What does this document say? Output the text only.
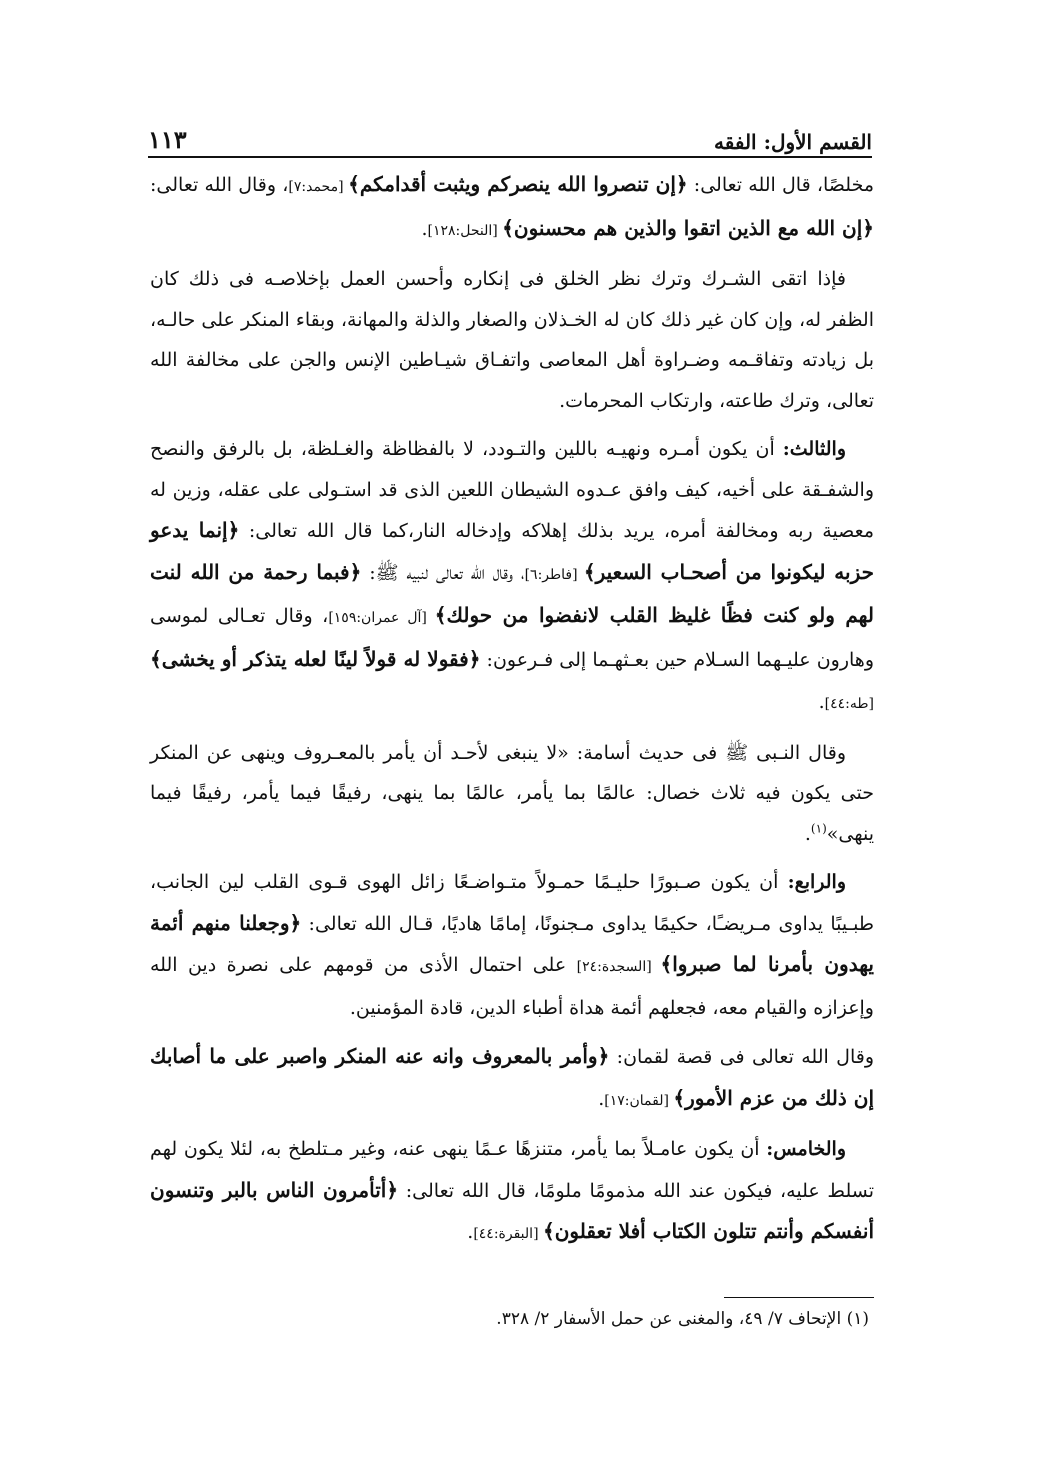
القسم الأول: الفقه
١١٣

مخلصًا، قال الله تعالى: ﴿إن تنصروا الله ينصركم ويثبت أقدامكم﴾ [محمد:٧]، وقال الله تعالى: ﴿إن الله مع الذين اتقوا والذين هم محسنون﴾ [النحل:١٢٨].

فإذا اتقى الشـرك وترك نظر الخلق فى إنكاره وأحسن العمل بإخلاصـه فى ذلك كان الظفر له، وإن كان غير ذلك كان له الخـذلان والصغار والذلة والمهانة، وبقاء المنكر على حالـه، بل زيادته وتفاقـمه وضـراوة أهل المعاصى واتفـاق شيـاطين الإنس والجن على مخالفة الله تعالى، وترك طاعته، وارتكاب المحرمات.

والثالث: أن يكون أمـره ونهيـه باللين والتـودد، لا بالفظاظة والغـلظة، بل بالرفق والنصح والشفـقة على أخيه، كيف وافق عـدوه الشيطان اللعين الذى قد استـولى على عقله، وزين له معصية ربه ومخالفة أمره، يريد بذلك إهلاكه وإدخاله النار،كما قال الله تعالى: ﴿إنما يدعو حزبه ليكونوا من أصحـاب السعير﴾ [فاطر:٦]، وقال الله تعالى لنبيه ﷺ: ﴿فبما رحمة من الله لنت لهم ولو كنت فظًا غليظ القلب لانفضوا من حولك﴾ [آل عمران:١٥٩]، وقال تعـالى لموسى وهارون عليـهما السـلام حين بعـثهـما إلى فـرعون: ﴿فقولا له قولاً لينًا لعله يتذكر أو يخشى﴾ [طه:٤٤].

وقال النـبى ﷺ فى حديث أسامة: «لا ينبغى لأحـد أن يأمر بالمعـروف وينهى عن المنكر حتى يكون فيه ثلاث خصال: عالمًا بما يأمر، عالمًا بما ينهى، رفيقًا فيما يأمر، رفيقًا فيما ينهى»$^{(١)}$.

والرابع: أن يكون صـبورًا حليـمًا حمـولاً متـواضـعًا زائل الهوى قـوى القلب لين الجانب، طبـيبًا يداوى مـريضـًا، حكيمًا يداوى مـجنونًا، إمامًا هاديًا، قـال الله تعالى: ﴿وجعلنا منهم أئمة يهدون بأمرنا لما صبروا﴾ [السجدة:٢٤] على احتمال الأذى من قومهم على نصرة دين الله وإعزازه والقيام معه، فجعلهم أئمة هداة أطباء الدين، قادة المؤمنين.

وقال الله تعالى فى قصة لقمان: ﴿وأمر بالمعروف وانه عنه المنكر واصبر على ما أصابك إن ذلك من عزم الأمور﴾ [لقمان:١٧].

والخامس: أن يكون عامـلاً بما يأمر، متنزهًا عـمًا ينهى عنه، وغير مـتلطخ به، لئلا يكون لهم تسلط عليه، فيكون عند الله مذمومًا ملومًا، قال الله تعالى: ﴿أتأمرون الناس بالبر وتنسون أنفسكم وأنتم تتلون الكتاب أفلا تعقلون﴾ [البقرة:٤٤].

(١) الإتحاف ٧/ ٤٩، والمغنى عن حمل الأسفار ٢/ ٣٢٨.
